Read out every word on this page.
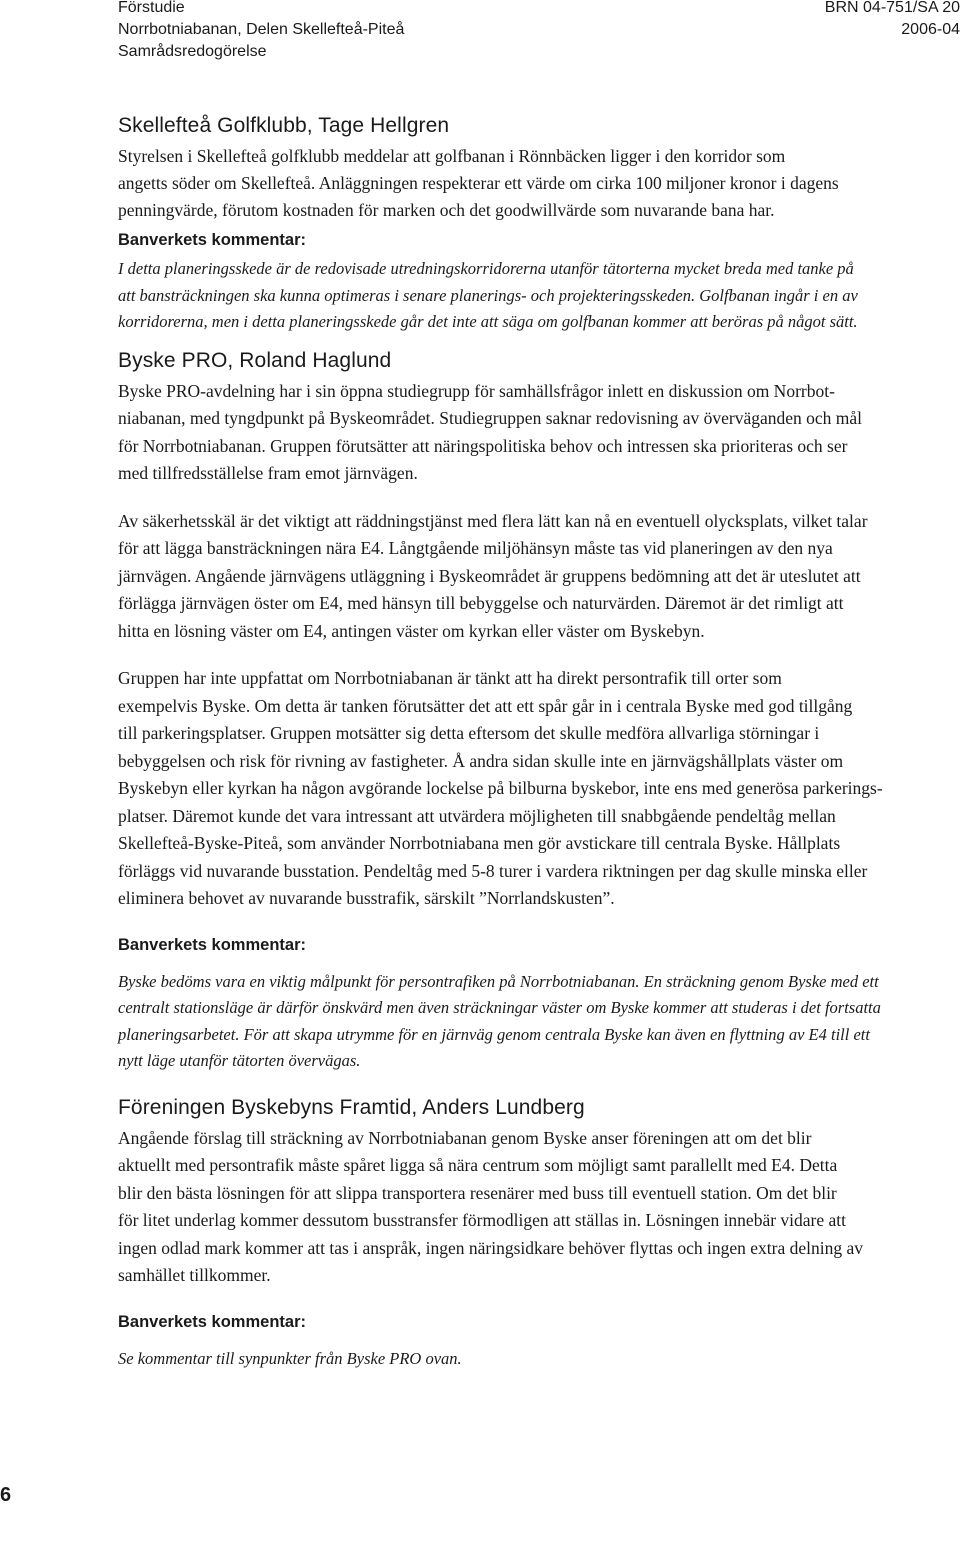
Förstudie
Norrbotniabanan, Delen Skellefteå-Piteå
Samrådsredogörelse
BRN 04-751/SA 20
2006-04
Skellefteå Golfklubb, Tage Hellgren

Styrelsen i Skellefteå golfklubb meddelar att golfbanan i Rönnbäcken ligger i den korridor som
angetts söder om Skellefteå. Anläggningen respekterar ett värde om cirka 100 miljoner kronor i dagens
penningvärde, förutom kostnaden för marken och det goodwillvärde som nuvarande bana har.

Banverkets kommentar:

I detta planeringsskede är de redovisade utredningskorridorerna utanför tätorterna mycket breda med tanke på
att bansträckningen ska kunna optimeras i senare planerings- och projekteringsskeden. Golfbanan ingår i en av
korridorerna, men i detta planeringsskede går det inte att säga om golfbanan kommer att beröras på något sätt.

Byske PRO, Roland Haglund

Byske PRO-avdelning har i sin öppna studiegrupp för samhällsfrågor inlett en diskussion om Norrbot-
niabanan, med tyngdpunkt på Byskeområdet. Studiegruppen saknar redovisning av överväganden och mål
för Norrbotniabanan. Gruppen förutsätter att näringspolitiska behov och intressen ska prioriteras och ser
med tillfredsställelse fram emot järnvägen.

Av säkerhetsskäl är det viktigt att räddningstjänst med flera lätt kan nå en eventuell olycksplats, vilket talar
för att lägga bansträckningen nära E4. Långtgående miljöhänsyn måste tas vid planeringen av den nya
järnvägen. Angående järnvägens utläggning i Byskeområdet är gruppens bedömning att det är uteslutet att
förlägga järnvägen öster om E4, med hänsyn till bebyggelse och naturvärden. Däremot är det rimligt att
hitta en lösning väster om E4, antingen väster om kyrkan eller väster om Byskebyn.

Gruppen har inte uppfattat om Norrbotniabanan är tänkt att ha direkt persontrafik till orter som
exempelvis Byske. Om detta är tanken förutsätter det att ett spår går in i centrala Byske med god tillgång
till parkeringsplatser. Gruppen motsätter sig detta eftersom det skulle medföra allvarliga störningar i
bebyggelsen och risk för rivning av fastigheter. Å andra sidan skulle inte en järnvägshållplats väster om
Byskebyn eller kyrkan ha någon avgörande lockelse på bilburna byskebor, inte ens med generösa parkerings-
platser. Däremot kunde det vara intressant att utvärdera möjligheten till snabbgående pendeltåg mellan
Skellefteå-Byske-Piteå, som använder Norrbotniabana men gör avstickare till centrala Byske. Hållplats
förläggs vid nuvarande busstation. Pendeltåg med 5-8 turer i vardera riktningen per dag skulle minska eller
eliminera behovet av nuvarande busstrafik, särskilt ”Norrlandskusten”.

Banverkets kommentar:

Byske bedöms vara en viktig målpunkt för persontrafiken på Norrbotniabanan. En sträckning genom Byske med ett
centralt stationsläge är därför önskvärd men även sträckningar väster om Byske kommer att studeras i det fortsatta
planeringsarbetet. För att skapa utrymme för en järnväg genom centrala Byske kan även en flyttning av E4 till ett
nytt läge utanför tätorten övervägas.

Föreningen Byskebyns Framtid, Anders Lundberg

Angående förslag till sträckning av Norrbotniabanan genom Byske anser föreningen att om det blir
aktuellt med persontrafik måste spåret ligga så nära centrum som möjligt samt parallellt med E4. Detta
blir den bästa lösningen för att slippa transportera resenärer med buss till eventuell station. Om det blir
för litet underlag kommer dessutom busstransfer förmodligen att ställas in. Lösningen innebär vidare att
ingen odlad mark kommer att tas i anspråk, ingen näringsidkare behöver flyttas och ingen extra delning av
samhället tillkommer.

Banverkets kommentar:

Se kommentar till synpunkter från Byske PRO ovan.

6
